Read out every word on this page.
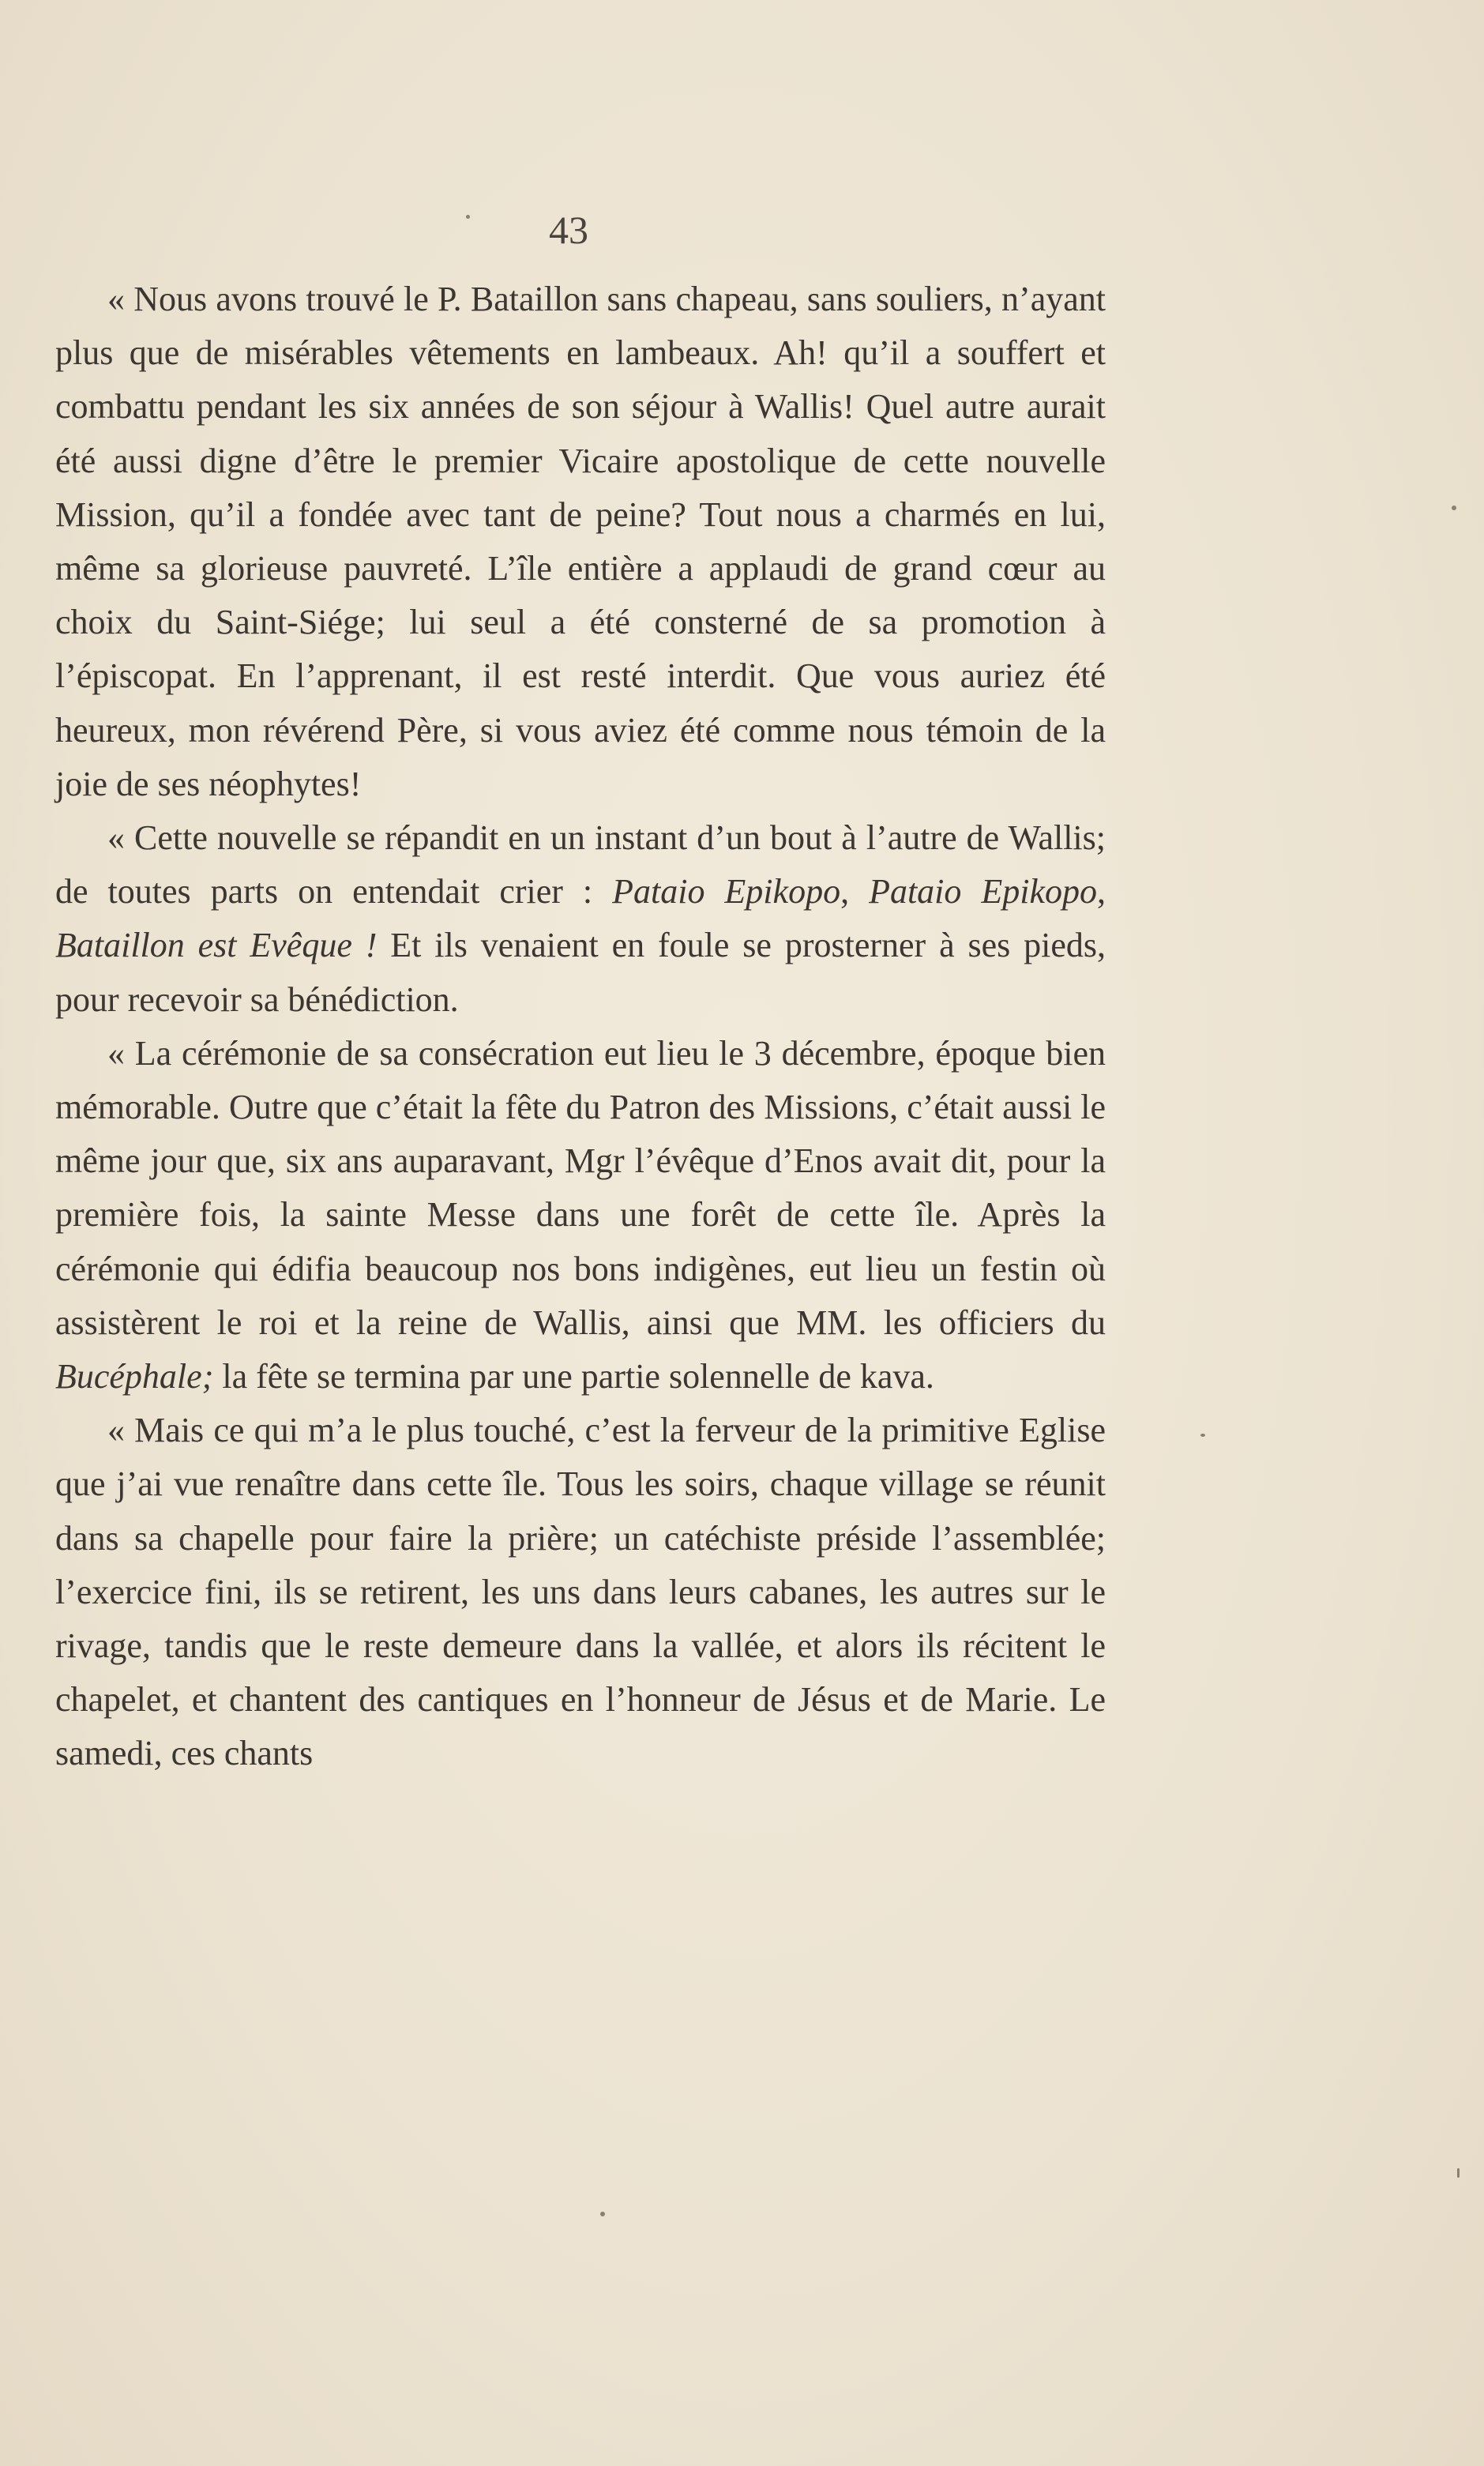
43

« Nous avons trouvé le P. Bataillon sans chapeau, sans souliers, n’ayant plus que de misérables vêtements en lambeaux. Ah! qu’il a souffert et combattu pendant les six années de son séjour à Wallis! Quel autre aurait été aussi digne d’être le premier Vicaire apostolique de cette nouvelle Mission, qu’il a fondée avec tant de peine? Tout nous a charmés en lui, même sa glorieuse pauvreté. L’île entière a applaudi de grand cœur au choix du Saint-Siége; lui seul a été consterné de sa promotion à l’épiscopat. En l’apprenant, il est resté interdit. Que vous auriez été heureux, mon révérend Père, si vous aviez été comme nous témoin de la joie de ses néophytes!

« Cette nouvelle se répandit en un instant d’un bout à l’autre de Wallis; de toutes parts on entendait crier : Pataio Epikopo, Pataio Epikopo, Bataillon est Evêque ! Et ils venaient en foule se prosterner à ses pieds, pour recevoir sa bénédiction.

« La cérémonie de sa consécration eut lieu le 3 décembre, époque bien mémorable. Outre que c’était la fête du Patron des Missions, c’était aussi le même jour que, six ans auparavant, Mgr l’évêque d’Enos avait dit, pour la première fois, la sainte Messe dans une forêt de cette île. Après la cérémonie qui édifia beaucoup nos bons indigènes, eut lieu un festin où assistèrent le roi et la reine de Wallis, ainsi que MM. les officiers du Bucéphale; la fête se termina par une partie solennelle de kava.

« Mais ce qui m’a le plus touché, c’est la ferveur de la primitive Eglise que j’ai vue renaître dans cette île. Tous les soirs, chaque village se réunit dans sa chapelle pour faire la prière; un catéchiste préside l’assemblée; l’exercice fini, ils se retirent, les uns dans leurs cabanes, les autres sur le rivage, tandis que le reste demeure dans la vallée, et alors ils récitent le chapelet, et chantent des cantiques en l’honneur de Jésus et de Marie. Le samedi, ces chants
